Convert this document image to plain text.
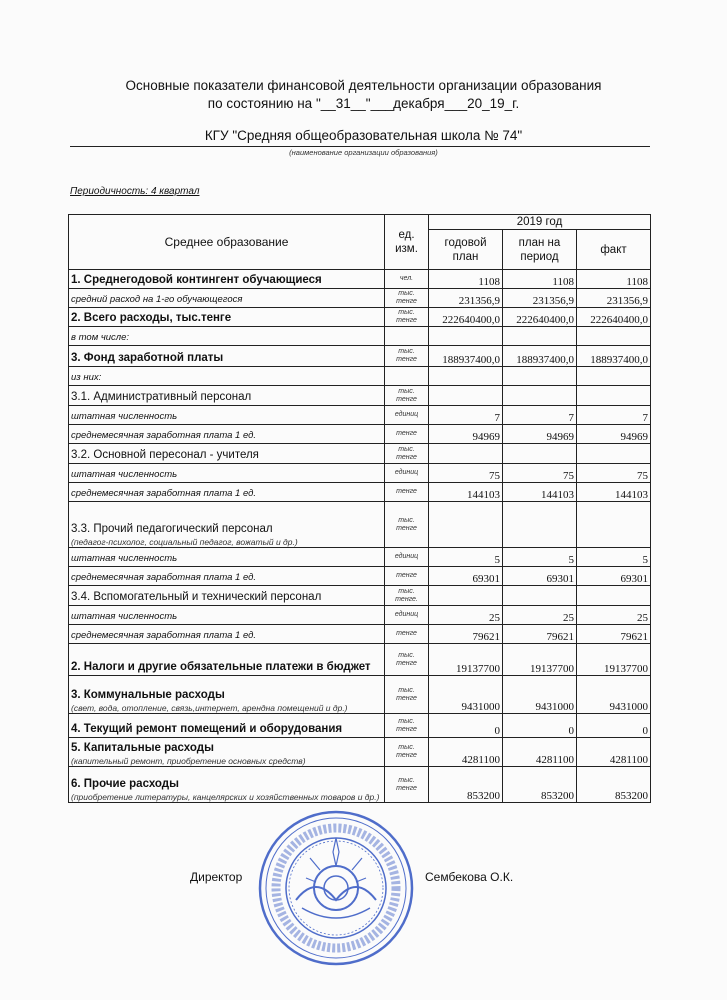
Основные показатели финансовой деятельности организации образования
по состоянию на "__31__"___декабря___20_19_г.
КГУ "Средняя общеобразовательная школа № 74"
(наименование организации образования)
Периодичность: 4 квартал
Среднее образование	ед. изм.	2019 год		
		годовой план	план на период	факт
1. Среднегодовой контингент обучающиеся	чел.	1108	1108	1108
средний расход на 1-го обучающегося	тыс. тенге	231356,9	231356,9	231356,9
2. Всего расходы, тыс.тенге	тыс. тенге	222640400,0	222640400,0	222640400,0
в том числе:				
3. Фонд заработной платы	тыс. тенге	188937400,0	188937400,0	188937400,0
из них:				
3.1. Административный персонал	тыс. тенге			
штатная численность	единиц	7	7	7
среднемесячная заработная плата 1 ед.	тенге	94969	94969	94969
3.2. Основной пересонал - учителя	тыс. тенге			
штатная численность	единиц	75	75	75
среднемесячная заработная плата 1 ед.	тенге	144103	144103	144103
3.3. Прочий педагогический персонал
(педагог-психолог, социальный педагог, вожатый и др.)	тыс. тенге			
штатная численность	единиц	5	5	5
среднемесячная заработная плата 1 ед.	тенге	69301	69301	69301
3.4. Вспомогательный и технический персонал	тыс. тенге.			
штатная численность	единиц	25	25	25
среднемесячная заработная плата 1 ед.	тенге	79621	79621	79621
2. Налоги и другие обязательные платежи в бюджет	тыс. тенге	19137700	19137700	19137700
3. Коммунальные расходы
(свет, вода, отопление, связь,интернет, арендна помещений и др.)	тыс. тенге	9431000	9431000	9431000
4. Текущий ремонт помещений и оборудования	тыс. тенге	0	0	0
5. Капитальные расходы
(капительный ремонт, приобретение основных средств)	тыс. тенге	4281100	4281100	4281100
6. Прочие расходы
(приобретение литературы, канцелярских и хозяйственных товаров и др.)	тыс. тенге	853200	853200	853200
Директор	Сембекова О.К.
